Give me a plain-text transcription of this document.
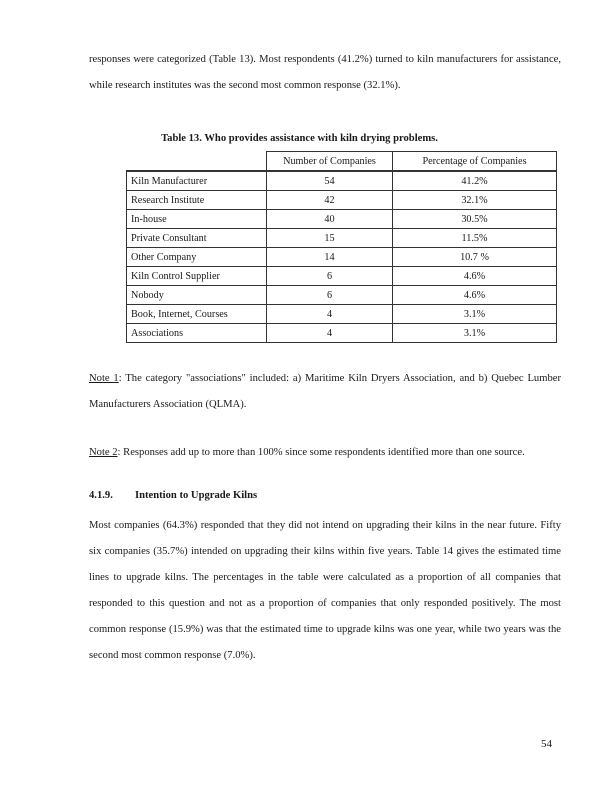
responses were categorized (Table 13). Most respondents (41.2%) turned to kiln manufacturers for assistance, while research institutes was the second most common response (32.1%).

Table 13. Who provides assistance with kiln drying problems.

	Number of Companies	Percentage of Companies
Kiln Manufacturer	54	41.2%
Research Institute	42	32.1%
In-house	40	30.5%
Private Consultant	15	11.5%
Other Company	14	10.7 %
Kiln Control Supplier	6	4.6%
Nobody	6	4.6%
Book, Internet, Courses	4	3.1%
Associations	4	3.1%

Note 1: The category "associations" included: a) Maritime Kiln Dryers Association, and b) Quebec Lumber Manufacturers Association (QLMA).

Note 2: Responses add up to more than 100% since some respondents identified more than one source.

4.1.9. Intention to Upgrade Kilns

Most companies (64.3%) responded that they did not intend on upgrading their kilns in the near future. Fifty six companies (35.7%) intended on upgrading their kilns within five years. Table 14 gives the estimated time lines to upgrade kilns. The percentages in the table were calculated as a proportion of all companies that responded to this question and not as a proportion of companies that only responded positively. The most common response (15.9%) was that the estimated time to upgrade kilns was one year, while two years was the second most common response (7.0%).

54
